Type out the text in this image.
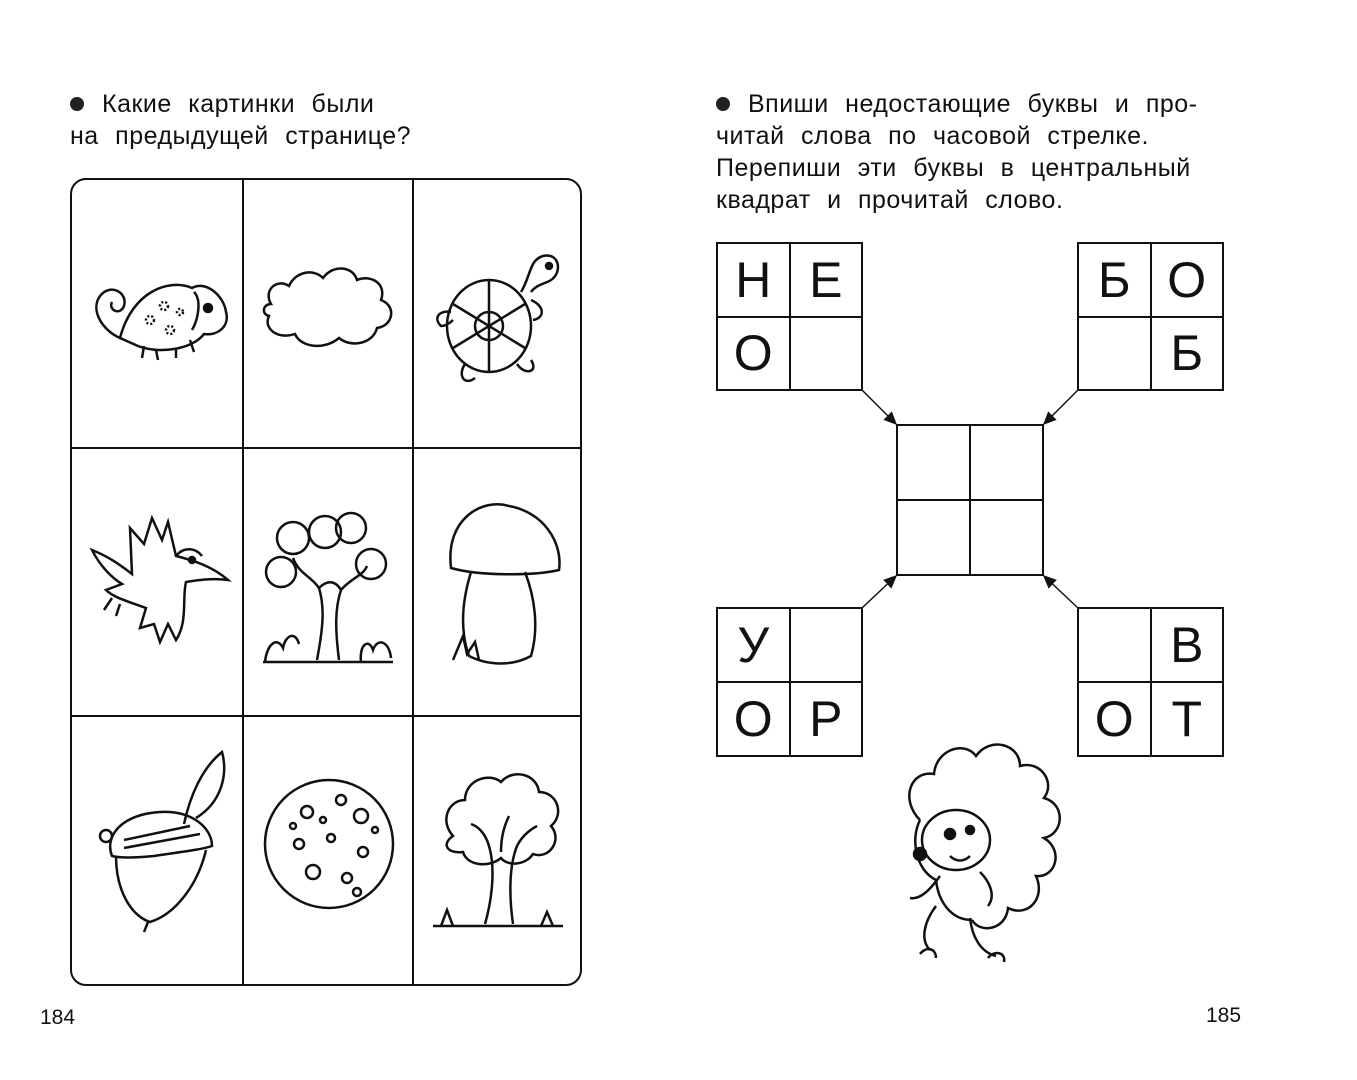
Какие картинки были
на предыдущей странице?
184
Впиши недостающие буквы и про-
читай слова по часовой стрелке.
Перепиши эти буквы в центральный
квадрат и прочитай слово.
Н Е
О
Б О
Б
У
О Р
В
О Т
185
